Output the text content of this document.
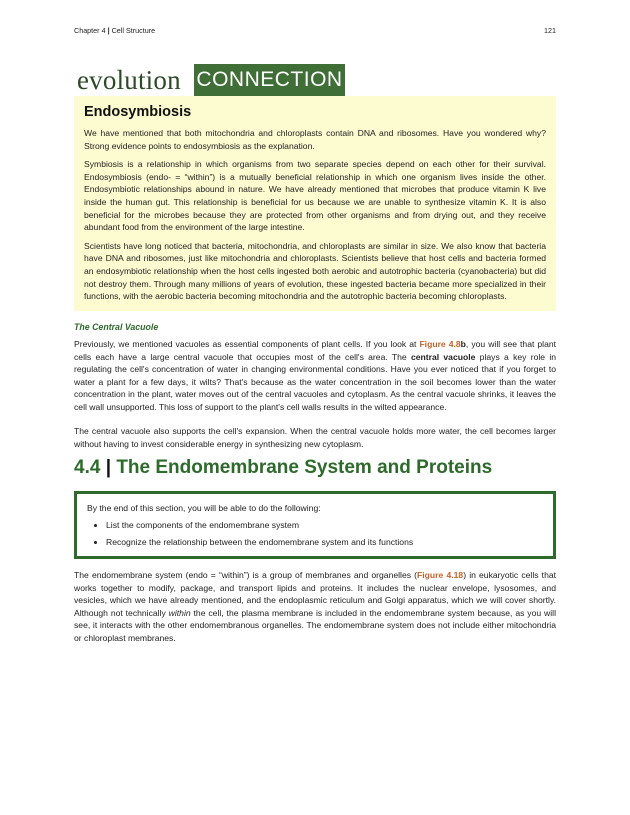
Chapter 4 | Cell Structure	121
evolution CONNECTION
Endosymbiosis

We have mentioned that both mitochondria and chloroplasts contain DNA and ribosomes. Have you wondered why? Strong evidence points to endosymbiosis as the explanation.

Symbiosis is a relationship in which organisms from two separate species depend on each other for their survival. Endosymbiosis (endo- = “within”) is a mutually beneficial relationship in which one organism lives inside the other. Endosymbiotic relationships abound in nature. We have already mentioned that microbes that produce vitamin K live inside the human gut. This relationship is beneficial for us because we are unable to synthesize vitamin K. It is also beneficial for the microbes because they are protected from other organisms and from drying out, and they receive abundant food from the environment of the large intestine.

Scientists have long noticed that bacteria, mitochondria, and chloroplasts are similar in size. We also know that bacteria have DNA and ribosomes, just like mitochondria and chloroplasts. Scientists believe that host cells and bacteria formed an endosymbiotic relationship when the host cells ingested both aerobic and autotrophic bacteria (cyanobacteria) but did not destroy them. Through many millions of years of evolution, these ingested bacteria became more specialized in their functions, with the aerobic bacteria becoming mitochondria and the autotrophic bacteria becoming chloroplasts.

The Central Vacuole

Previously, we mentioned vacuoles as essential components of plant cells. If you look at Figure 4.8b, you will see that plant cells each have a large central vacuole that occupies most of the cell's area. The central vacuole plays a key role in regulating the cell's concentration of water in changing environmental conditions. Have you ever noticed that if you forget to water a plant for a few days, it wilts? That's because as the water concentration in the soil becomes lower than the water concentration in the plant, water moves out of the central vacuoles and cytoplasm. As the central vacuole shrinks, it leaves the cell wall unsupported. This loss of support to the plant's cell walls results in the wilted appearance.

The central vacuole also supports the cell's expansion. When the central vacuole holds more water, the cell becomes larger without having to invest considerable energy in synthesizing new cytoplasm.

4.4 | The Endomembrane System and Proteins

By the end of this section, you will be able to do the following:

• List the components of the endomembrane system
• Recognize the relationship between the endomembrane system and its functions

The endomembrane system (endo = “within”) is a group of membranes and organelles (Figure 4.18) in eukaryotic cells that works together to modify, package, and transport lipids and proteins. It includes the nuclear envelope, lysosomes, and vesicles, which we have already mentioned, and the endoplasmic reticulum and Golgi apparatus, which we will cover shortly. Although not technically within the cell, the plasma membrane is included in the endomembrane system because, as you will see, it interacts with the other endomembranous organelles. The endomembrane system does not include either mitochondria or chloroplast membranes.
